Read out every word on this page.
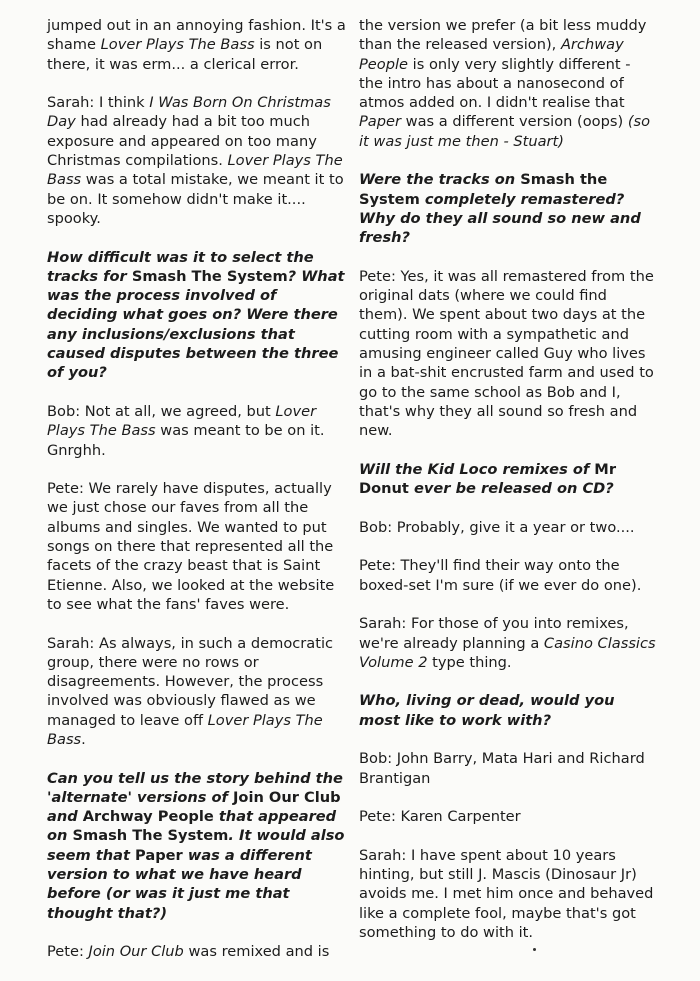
jumped out in an annoying fashion. It's a shame Lover Plays The Bass is not on there, it was erm... a clerical error.

Sarah: I think I Was Born On Christmas Day had already had a bit too much exposure and appeared on too many Christmas compilations. Lover Plays The Bass was a total mistake, we meant it to be on. It somehow didn't make it.... spooky.

How difficult was it to select the tracks for Smash The System? What was the process involved of deciding what goes on? Were there any inclusions/exclusions that caused disputes between the three of you?

Bob: Not at all, we agreed, but Lover Plays The Bass was meant to be on it. Gnrghh.

Pete: We rarely have disputes, actually we just chose our faves from all the albums and singles. We wanted to put songs on there that represented all the facets of the crazy beast that is Saint Etienne. Also, we looked at the website to see what the fans' faves were.

Sarah: As always, in such a democratic group, there were no rows or disagreements. However, the process involved was obviously flawed as we managed to leave off Lover Plays The Bass.

Can you tell us the story behind the 'alternate' versions of Join Our Club and Archway People that appeared on Smash The System. It would also seem that Paper was a different version to what we have heard before (or was it just me that thought that?)

Pete: Join Our Club was remixed and is

the version we prefer (a bit less muddy than the released version), Archway People is only very slightly different - the intro has about a nanosecond of atmos added on. I didn't realise that Paper was a different version (oops) (so it was just me then - Stuart)

Were the tracks on Smash the System completely remastered? Why do they all sound so new and fresh?

Pete: Yes, it was all remastered from the original dats (where we could find them). We spent about two days at the cutting room with a sympathetic and amusing engineer called Guy who lives in a bat-shit encrusted farm and used to go to the same school as Bob and I, that's why they all sound so fresh and new.

Will the Kid Loco remixes of Mr Donut ever be released on CD?

Bob: Probably, give it a year or two....

Pete: They'll find their way onto the boxed-set I'm sure (if we ever do one).

Sarah: For those of you into remixes, we're already planning a Casino Classics Volume 2 type thing.

Who, living or dead, would you most like to work with?

Bob: John Barry, Mata Hari and Richard Brantigan

Pete: Karen Carpenter

Sarah: I have spent about 10 years hinting, but still J. Mascis (Dinosaur Jr) avoids me. I met him once and behaved like a complete fool, maybe that's got something to do with it.
